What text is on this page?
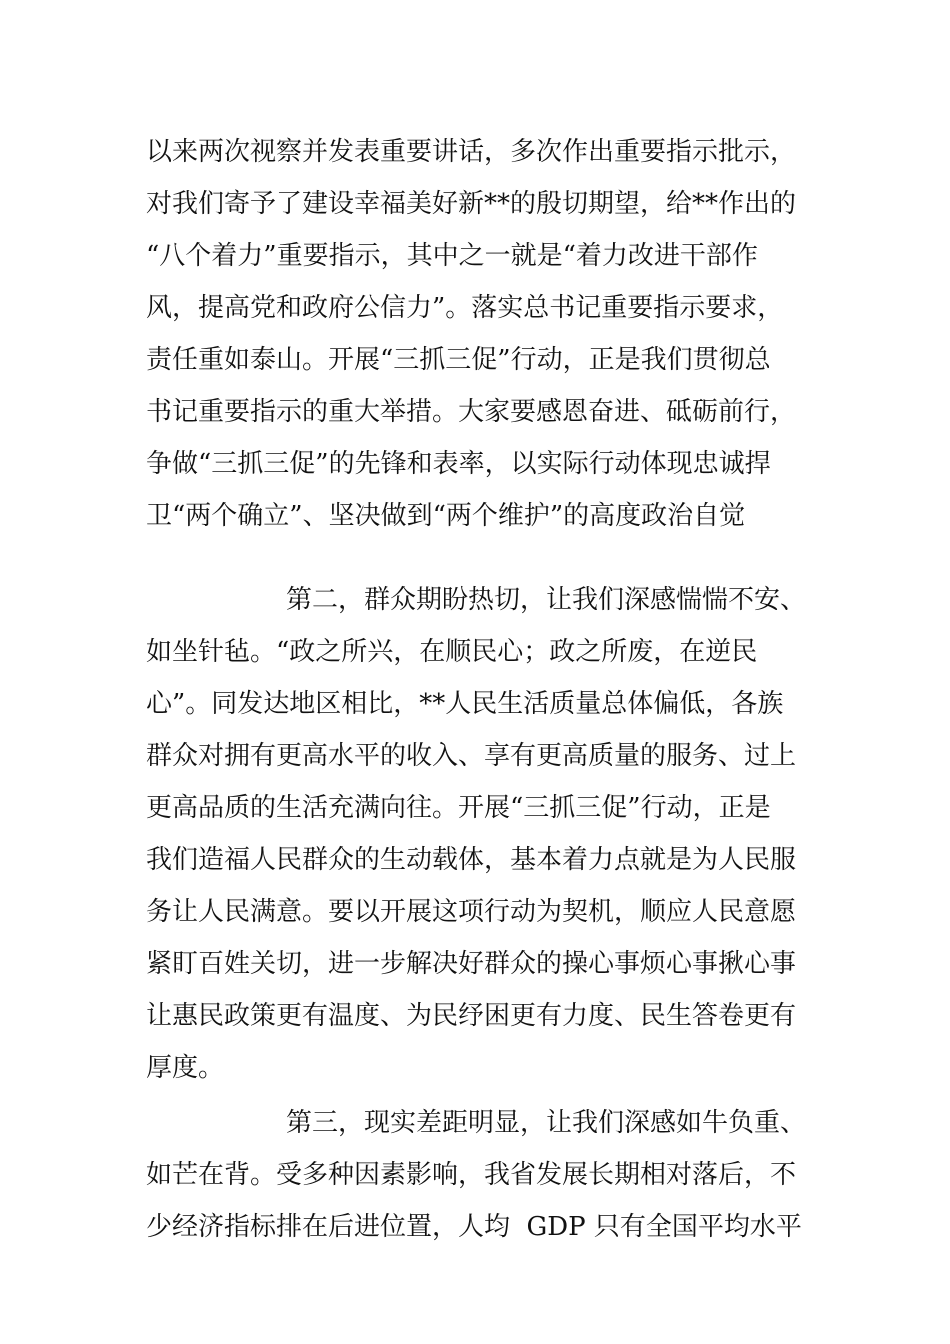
以来两次视察并发表重要讲话，多次作出重要指示批示，
对我们寄予了建设幸福美好新**的殷切期望，给**作出的
“八个着力”重要指示，其中之一就是“着力改进干部作
风，提高党和政府公信力”。落实总书记重要指示要求，
责任重如泰山。开展“三抓三促”行动，正是我们贯彻总
书记重要指示的重大举措。大家要感恩奋进、砥砺前行，
争做“三抓三促”的先锋和表率，以实际行动体现忠诚捍
卫“两个确立”、坚决做到“两个维护”的高度政治自觉
第二，群众期盼热切，让我们深感惴惴不安、
如坐针毡。“政之所兴，在顺民心；政之所废，在逆民
心”。同发达地区相比，**人民生活质量总体偏低，各族
群众对拥有更高水平的收入、享有更高质量的服务、过上
更高品质的生活充满向往。开展“三抓三促”行动，正是
我们造福人民群众的生动载体，基本着力点就是为人民服
务让人民满意。要以开展这项行动为契机，顺应人民意愿
紧盯百姓关切，进一步解决好群众的操心事烦心事揪心事
让惠民政策更有温度、为民纾困更有力度、民生答卷更有
厚度。
第三，现实差距明显，让我们深感如牛负重、
如芒在背。受多种因素影响，我省发展长期相对落后，不
少经济指标排在后进位置，人均  GDP 只有全国平均水平
